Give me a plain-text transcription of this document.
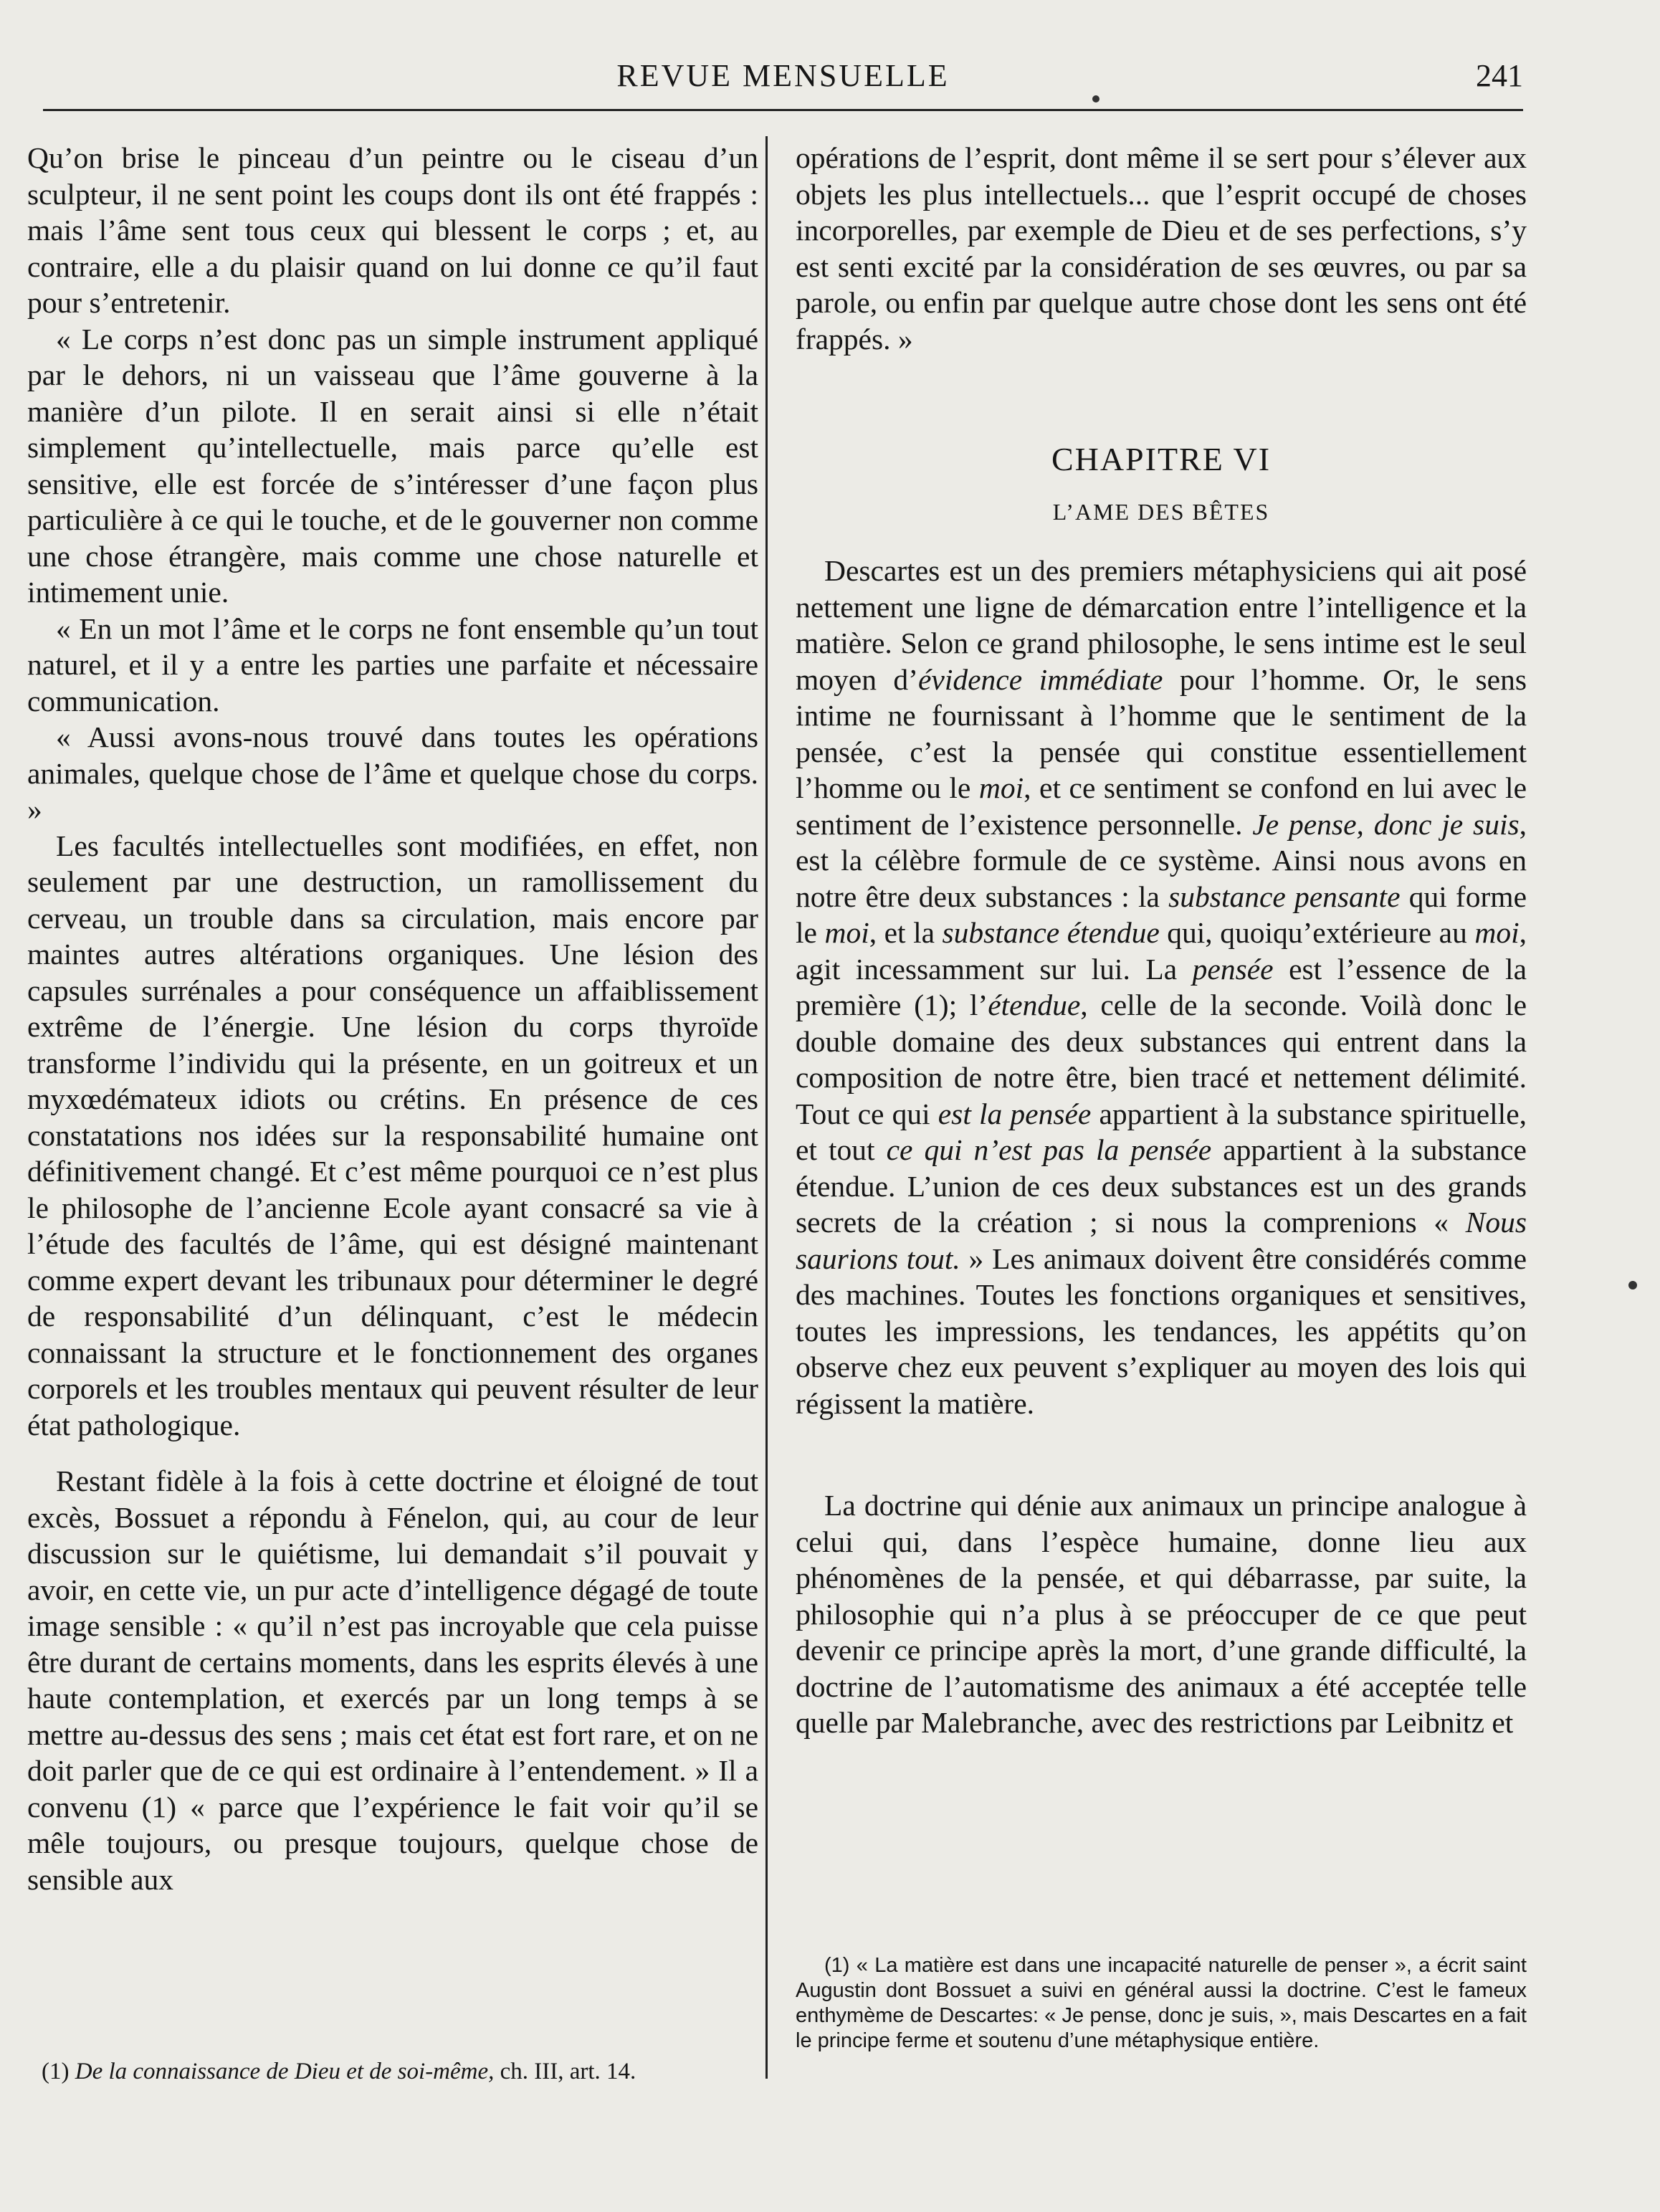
REVUE MENSUELLE	241

Qu’on brise le pinceau d’un peintre ou le ciseau d’un sculpteur, il ne sent point les coups dont ils ont été frappés : mais l’âme sent tous ceux qui blessent le corps ; et, au contraire, elle a du plaisir quand on lui donne ce qu’il faut pour s’entretenir.

« Le corps n’est donc pas un simple instrument appliqué par le dehors, ni un vaisseau que l’âme gouverne à la manière d’un pilote. Il en serait ainsi si elle n’était simplement qu’intellectuelle, mais parce qu’elle est sensitive, elle est forcée de s’intéresser d’une façon plus particulière à ce qui le touche, et de le gouverner non comme une chose étrangère, mais comme une chose naturelle et intimement unie.

« En un mot l’âme et le corps ne font ensemble qu’un tout naturel, et il y a entre les parties une parfaite et nécessaire communication.

« Aussi avons-nous trouvé dans toutes les opérations animales, quelque chose de l’âme et quelque chose du corps. »

Les facultés intellectuelles sont modifiées, en effet, non seulement par une destruction, un ramollissement du cerveau, un trouble dans sa circulation, mais encore par maintes autres altérations organiques. Une lésion des capsules surrénales a pour conséquence un affaiblissement extrême de l’énergie. Une lésion du corps thyroïde transforme l’individu qui la présente, en un goitreux et un myxœdémateux idiots ou crétins. En présence de ces constatations nos idées sur la responsabilité humaine ont définitivement changé. Et c’est même pourquoi ce n’est plus le philosophe de l’ancienne Ecole ayant consacré sa vie à l’étude des facultés de l’âme, qui est désigné maintenant comme expert devant les tribunaux pour déterminer le degré de responsabilité d’un délinquant, c’est le médecin connaissant la structure et le fonctionnement des organes corporels et les troubles mentaux qui peuvent résulter de leur état pathologique.

Restant fidèle à la fois à cette doctrine et éloigné de tout excès, Bossuet a répondu à Fénelon, qui, au cour de leur discussion sur le quiétisme, lui demandait s’il pouvait y avoir, en cette vie, un pur acte d’intelligence dégagé de toute image sensible : « qu’il n’est pas incroyable que cela puisse être durant de certains moments, dans les esprits élevés à une haute contemplation, et exercés par un long temps à se mettre au-dessus des sens ; mais cet état est fort rare, et on ne doit parler que de ce qui est ordinaire à l’entendement. » Il a convenu (1) « parce que l’expérience le fait voir qu’il se mêle toujours, ou presque toujours, quelque chose de sensible aux

(1) De la connaissance de Dieu et de soi-même, ch. III, art. 14.

opérations de l’esprit, dont même il se sert pour s’élever aux objets les plus intellectuels... que l’esprit occupé de choses incorporelles, par exemple de Dieu et de ses perfections, s’y est senti excité par la considération de ses œuvres, ou par sa parole, ou enfin par quelque autre chose dont les sens ont été frappés. »

CHAPITRE VI

L’AME DES BÊTES

Descartes est un des premiers métaphysiciens qui ait posé nettement une ligne de démarcation entre l’intelligence et la matière. Selon ce grand philosophe, le sens intime est le seul moyen d’évidence immédiate pour l’homme. Or, le sens intime ne fournissant à l’homme que le sentiment de la pensée, c’est la pensée qui constitue essentiellement l’homme ou le moi, et ce sentiment se confond en lui avec le sentiment de l’existence personnelle. Je pense, donc je suis, est la célèbre formule de ce système. Ainsi nous avons en notre être deux substances : la substance pensante qui forme le moi, et la substance étendue qui, quoiqu’extérieure au moi, agit incessamment sur lui. La pensée est l’essence de la première (1); l’étendue, celle de la seconde. Voilà donc le double domaine des deux substances qui entrent dans la composition de notre être, bien tracé et nettement délimité. Tout ce qui est la pensée appartient à la substance spirituelle, et tout ce qui n’est pas la pensée appartient à la substance étendue. L’union de ces deux substances est un des grands secrets de la création ; si nous la comprenions « Nous saurions tout. » Les animaux doivent être considérés comme des machines. Toutes les fonctions organiques et sensitives, toutes les impressions, les tendances, les appétits qu’on observe chez eux peuvent s’expliquer au moyen des lois qui régissent la matière.

La doctrine qui dénie aux animaux un principe analogue à celui qui, dans l’espèce humaine, donne lieu aux phénomènes de la pensée, et qui débarrasse, par suite, la philosophie qui n’a plus à se préoccuper de ce que peut devenir ce principe après la mort, d’une grande difficulté, la doctrine de l’automatisme des animaux a été acceptée telle quelle par Malebranche, avec des restrictions par Leibnitz et

(1) « La matière est dans une incapacité naturelle de penser », a écrit saint Augustin dont Bossuet a suivi en général aussi la doctrine. C’est le fameux enthymème de Descartes: « Je pense, donc je suis, », mais Descartes en a fait le principe ferme et soutenu d’une métaphysique entière.
